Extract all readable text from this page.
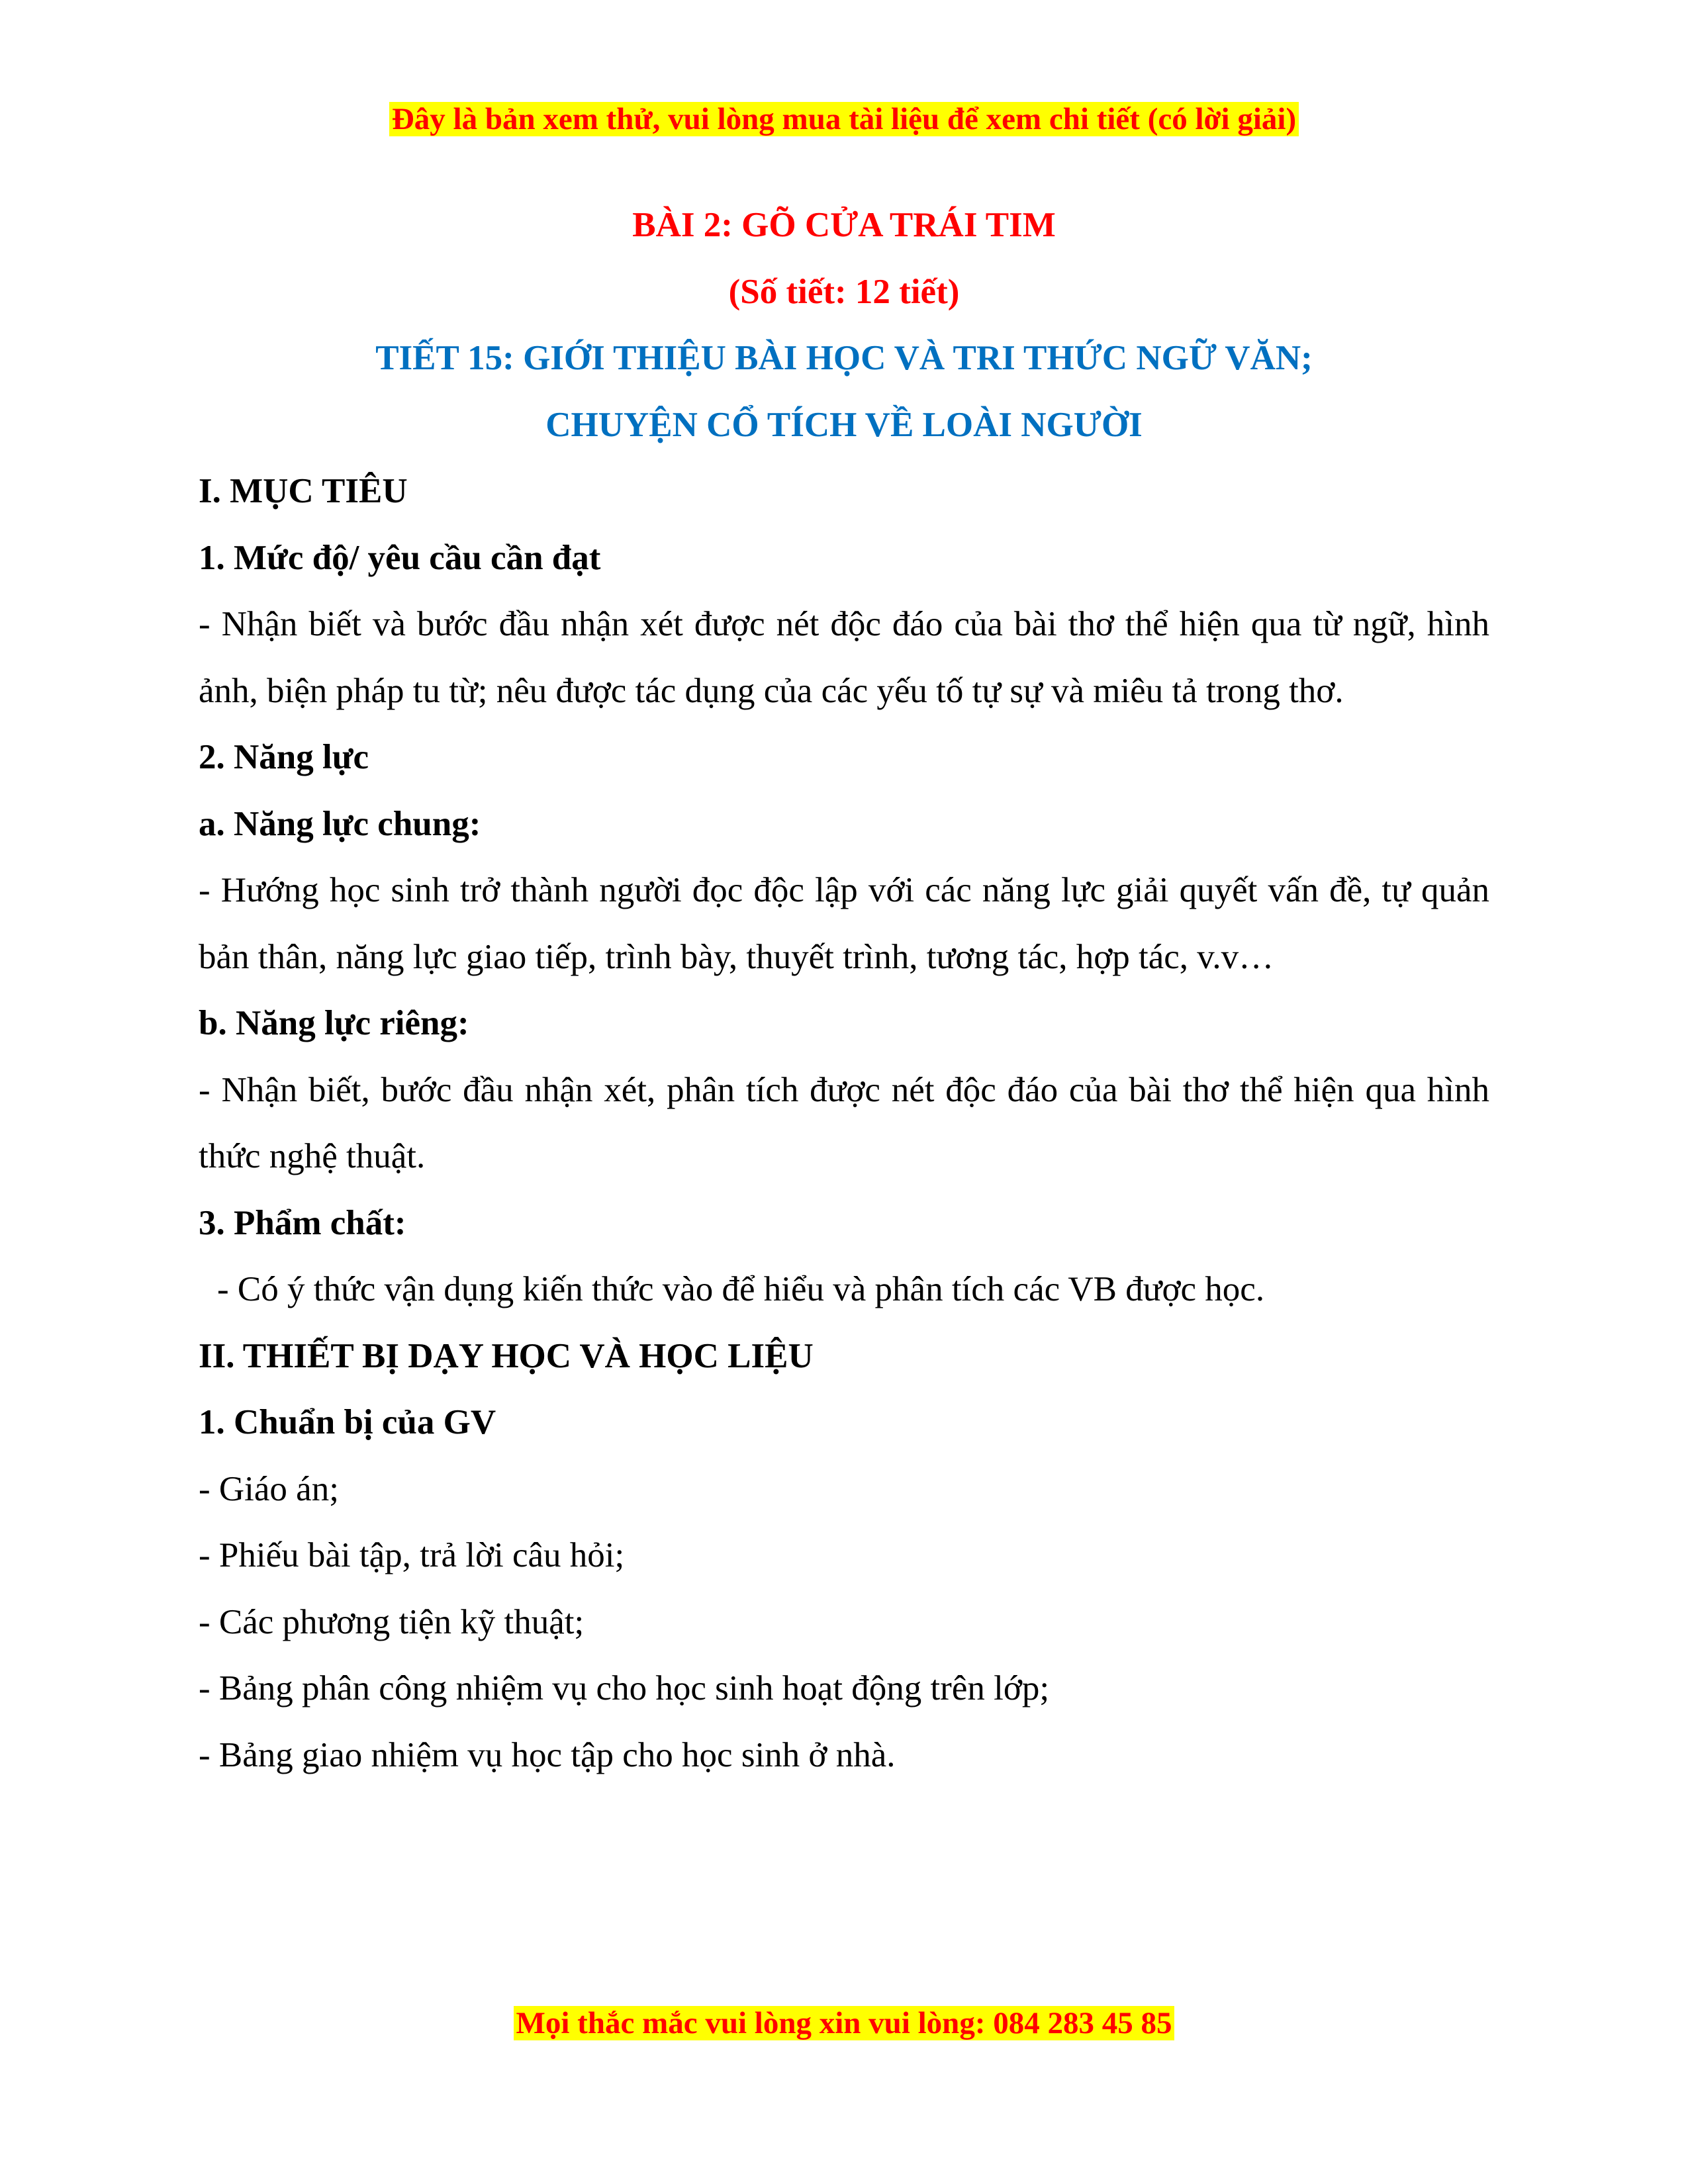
Đây là bản xem thử, vui lòng mua tài liệu để xem chi tiết (có lời giải)
BÀI 2: GÕ CỬA TRÁI TIM
(Số tiết: 12 tiết)
TIẾT 15: GIỚI THIỆU BÀI HỌC VÀ TRI THỨC NGỮ VĂN;
CHUYỆN CỔ TÍCH VỀ LOÀI NGƯỜI
I. MỤC TIÊU
1. Mức độ/ yêu cầu cần đạt
- Nhận biết và bước đầu nhận xét được nét độc đáo của bài thơ thể hiện qua từ ngữ, hình ảnh, biện pháp tu từ; nêu được tác dụng của các yếu tố tự sự và miêu tả trong thơ.
2. Năng lực
a. Năng lực chung:
- Hướng học sinh trở thành người đọc độc lập với các năng lực giải quyết vấn đề, tự quản bản thân, năng lực giao tiếp, trình bày, thuyết trình, tương tác, hợp tác, v.v…
b. Năng lực riêng:
- Nhận biết, bước đầu nhận xét, phân tích được nét độc đáo của bài thơ thể hiện qua hình thức nghệ thuật.
3. Phẩm chất:
- Có ý thức vận dụng kiến thức vào để hiểu và phân tích các VB được học.
II. THIẾT BỊ DẠY HỌC VÀ HỌC LIỆU
1. Chuẩn bị của GV
- Giáo án;
- Phiếu bài tập, trả lời câu hỏi;
- Các phương tiện kỹ thuật;
- Bảng phân công nhiệm vụ cho học sinh hoạt động trên lớp;
- Bảng giao nhiệm vụ học tập cho học sinh ở nhà.
Mọi thắc mắc vui lòng xin vui lòng: 084 283 45 85
